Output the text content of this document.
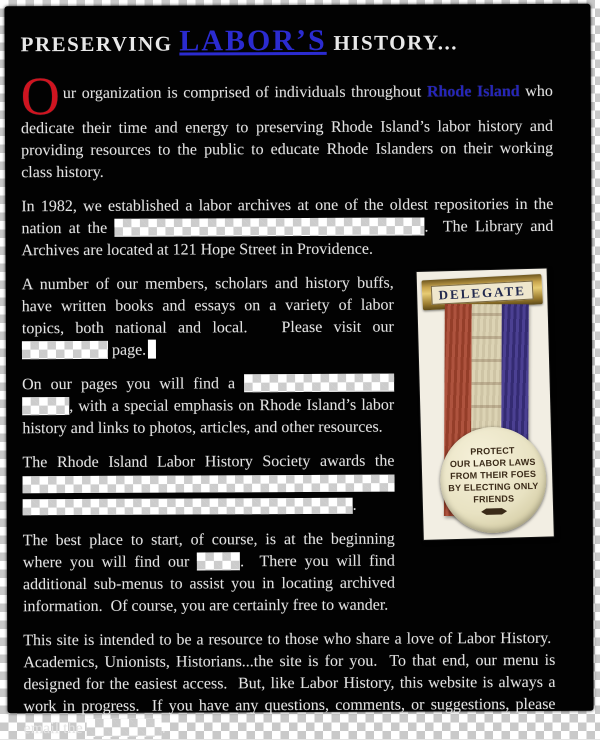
PRESERVING LABOR’S HISTORY...

Our organization is comprised of individuals throughout Rhode Island who dedicate their time and energy to preserving Rhode Island’s labor history and providing resources to the public to educate Rhode Islanders on their working class history.

In 1982, we established a labor archives at one of the oldest repositories in the nation at the	.  The Library and Archives are located at 121 Hope Street in Providence.

DELEGATE
PROTECT
OUR LABOR LAWS
FROM THEIR FOES
BY ELECTING ONLY
FRIENDS

A number of our members, scholars and history buffs, have written books and essays on a variety of labor topics, both national and local.   Please visit our  page.

On our pages you will find a  , with a special emphasis on Rhode Island’s labor history and links to photos, articles, and other resources.

The Rhode Island Labor History Society awards the  .

The best place to start, of course, is at the beginning where you will find our	.  There you will find additional sub-menus to assist you in locating archived information.  Of course, you are certainly free to wander.

This site is intended to be a resource to those who share a love of Labor History.  Academics, Unionists, Historians...the site is for you.  To that end, our menu is designed for the easiest access.  But, like Labor History, this website is always a work in progress.  If you have any questions, comments, or suggestions, please email the	.
